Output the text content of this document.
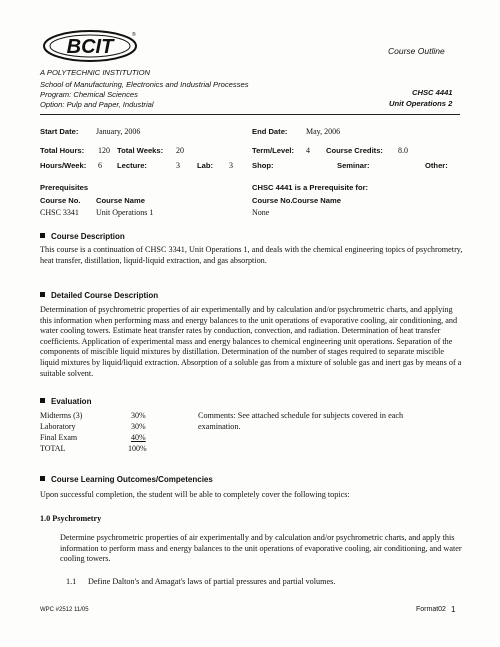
BCIT
®
Course Outline
A POLYTECHNIC INSTITUTION
School of Manufacturing, Electronics and Industrial Processes
Program: Chemical Sciences
Option: Pulp and Paper, Industrial
CHSC 4441
Unit Operations 2
Start Date: January, 2006	End Date: May, 2006
Total Hours: 120 Total Weeks: 20	Term/Level: 4 Course Credits: 8.0
Hours/Week: 6 Lecture:	3 Lab: 3	Shop:	Seminar:	Other:
Prerequisites
Course No. Course Name
CHSC 3341 Unit Operations 1
CHSC 4441 is a Prerequisite for:
Course No. Course Name
None
Course Description
This course is a continuation of CHSC 3341, Unit Operations 1, and deals with the chemical engineering topics of psychrometry, heat transfer, distillation, liquid-liquid extraction, and gas absorption.
Detailed Course Description
Determination of psychrometric properties of air experimentally and by calculation and/or psychrometric charts, and applying this information when performing mass and energy balances to the unit operations of evaporative cooling, air conditioning, and water cooling towers. Estimate heat transfer rates by conduction, convection, and radiation. Determination of heat transfer coefficients. Application of experimental mass and energy balances to chemical engineering unit operations. Separation of the components of miscible liquid mixtures by distillation. Determination of the number of stages required to separate miscible liquid mixtures by liquid/liquid extraction. Absorption of a soluble gas from a mixture of soluble gas and inert gas by means of a suitable solvent.
Evaluation
Midterms (3)	30%
Laboratory	30%
Final Exam	40%
TOTAL	100%
Comments: See attached schedule for subjects covered in each examination.
Course Learning Outcomes/Competencies
Upon successful completion, the student will be able to completely cover the following topics:
1.0 Psychrometry
Determine psychrometric properties of air experimentally and by calculation and/or psychrometric charts, and apply this information to perform mass and energy balances to the unit operations of evaporative cooling, air conditioning, and water cooling towers.
1.1 Define Dalton's and Amagat's laws of partial pressures and partial volumes.
WPC #2512 11/05	Format02 1
